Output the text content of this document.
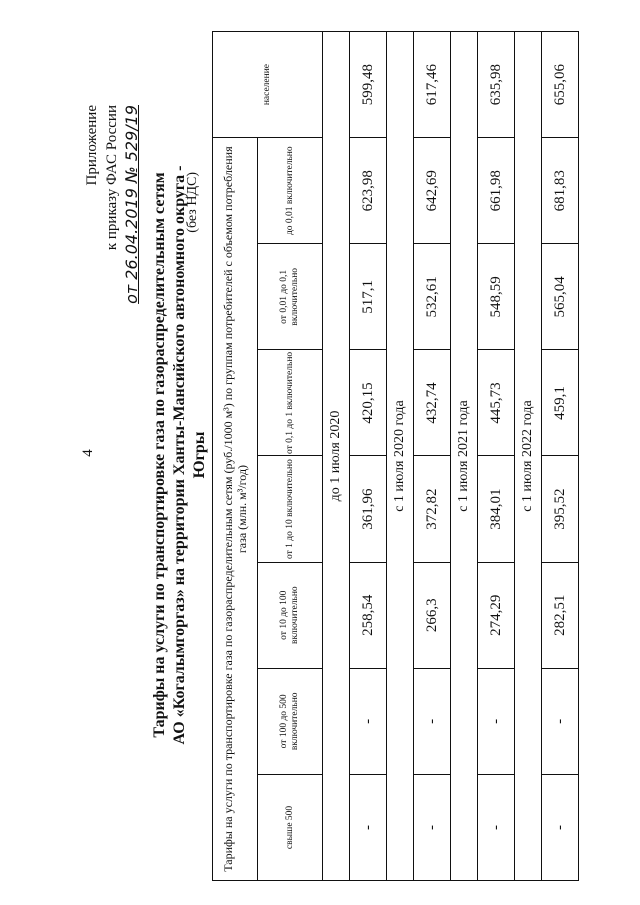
4
Приложение к приказу ФАС России от 26.04.2019 № 529/19 Тарифы на услуги по транспортировке газа по газораспределительным сетям АО «Когалымгоргаз» на территории Ханты-Мансийского автономного округа - Югры
(без НДС) Тарифы на услуги по транспортировке газа по газораспределительным сетям (руб./1000 м³) по группам потребителей с объемом потребления газа (млн. м³/год)							население
свыше 500	от 100 до 500 включительно	от 10 до 100 включительно	от 1 до 10 включительно	от 0,1 до 1 включительно	от 0,01 до 0,1 включительно	до 0,01 включительно	
до 1 июля 2020							
-	-	258,54	361,96	420,15	517,1	623,98	599,48
с 1 июля 2020 года							
-	-	266,3	372,82	432,74	532,61	642,69	617,46
с 1 июля 2021 года							
-	-	274,29	384,01	445,73	548,59	661,98	635,98
с 1 июля 2022 года							
-	-	282,51	395,52	459,1	565,04	681,83	655,06
